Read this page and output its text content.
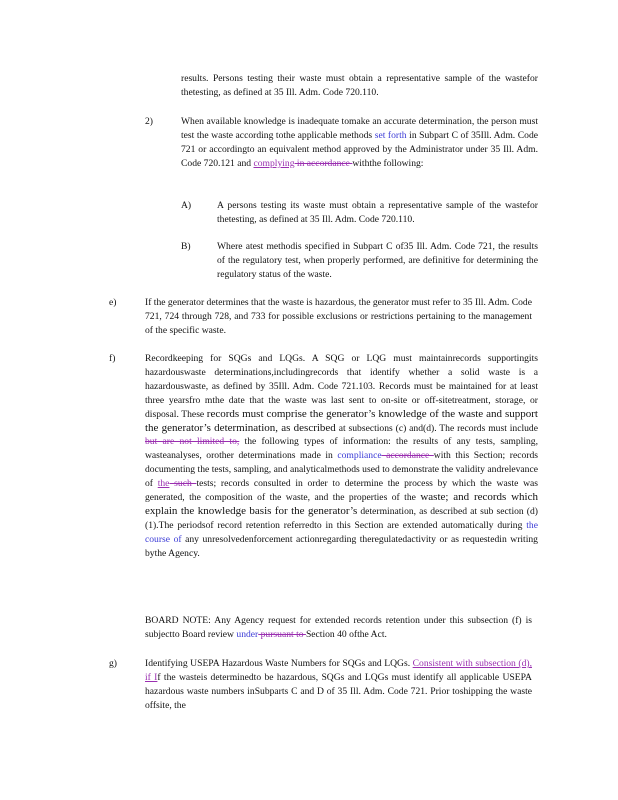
results. Persons testing their waste must obtain a representative sample of the wastefor thetesting, as defined at 35 Ill. Adm. Code 720.110.
2)	When available knowledge is inadequate tomake an accurate determination, the person must test the waste according tothe applicable methods set forth in Subpart C of 35Ill. Adm. Code 721 or accordingto an equivalent method approved by the Administrator under 35 Ill. Adm. Code 720.121 and complying in accordance withthe following:
A)	A persons testing its waste must obtain a representative sample of the wastefor thetesting, as defined at 35 Ill. Adm. Code 720.110.
B)	Where atest methodis specified in Subpart C of35 Ill. Adm. Code 721, the results of the regulatory test, when properly performed, are definitive for determining the regulatory status of the waste.
e)	If the generator determines that the waste is hazardous, the generator must refer to 35 Ill. Adm. Code 721, 724 through 728, and 733 for possible exclusions or restrictions pertaining to the management of the specific waste.
f)	Recordkeeping for SQGs and LQGs. A SQG or LQG must maintainrecords supportingits hazardouswaste determinations,includingrecords that identify whether a solid waste is a hazardouswaste, as defined by 35Ill. Adm. Code 721.103. Records must be maintained for at least three yearsfro mthe date that the waste was last sent to on-site or off-sitetreatment, storage, or disposal. These records must comprise the generator’s knowledge of the waste and support the generator’s determination, as described at subsections (c) and(d). The records must include but are not limited to, the following types of information: the results of any tests, sampling, wasteanalyses, orother determinations made in compliance accordance with this Section; records documenting the tests, sampling, and analyticalmethods used to demonstrate the validity andrelevance of the such tests; records consulted in order to determine the process by which the waste was generated, the composition of the waste, and the properties of the waste; and records which explain the knowledge basis for the generator’s determination, as described at sub section (d)(1).The periodsof record retention referredto in this Section are extended automatically during the course of any unresolvedenforcement actionregarding theregulatedactivity or as requestedin writing bythe Agency.
BOARD NOTE: Any Agency request for extended records retention under this subsection (f) is subjectto Board review under pursuant to Section 40 ofthe Act.
g)	Identifying USEPA Hazardous Waste Numbers for SQGs and LQGs. Consistent with subsection (d), if If the wasteis determinedto be hazardous, SQGs and LQGs must identify all applicable USEPA hazardous waste numbers inSubparts C and D of 35 Ill. Adm. Code 721. Prior toshipping the waste offsite, the
